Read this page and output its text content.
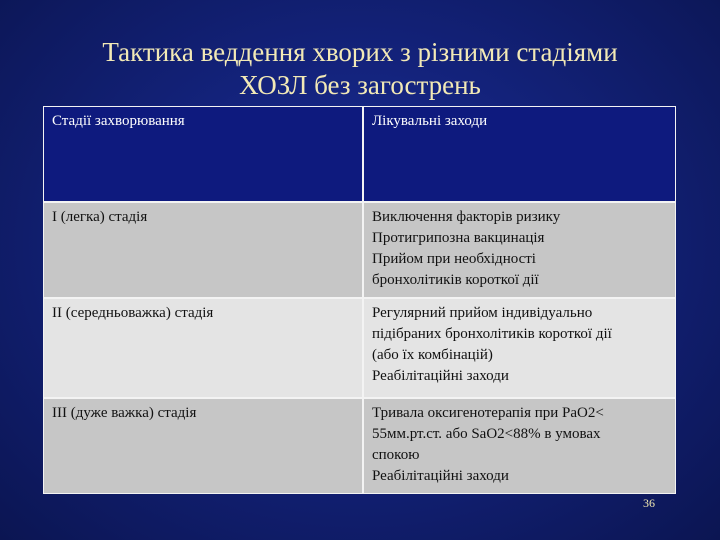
Тактика веддення хворих з різними стадіями
ХОЗЛ без загострень
Стадії захворювання	Лікувальні заходи
I (легка) стадія	Виключення факторів ризику
Протигрипозна вакцинація
Прийом при необхідності
бронхолітиків короткої дії

II (середньоважка) стадія	Регулярний прийом індивідуально
підібраних бронхолітиків короткої дії
(або їх комбінацій)
Реабілітаційні заходи

III (дуже важка) стадія	Тривала оксигенотерапія при PaO2<
55мм.рт.ст. або SaO2<88% в умовах
спокою
Реабілітаційні заходи
36
